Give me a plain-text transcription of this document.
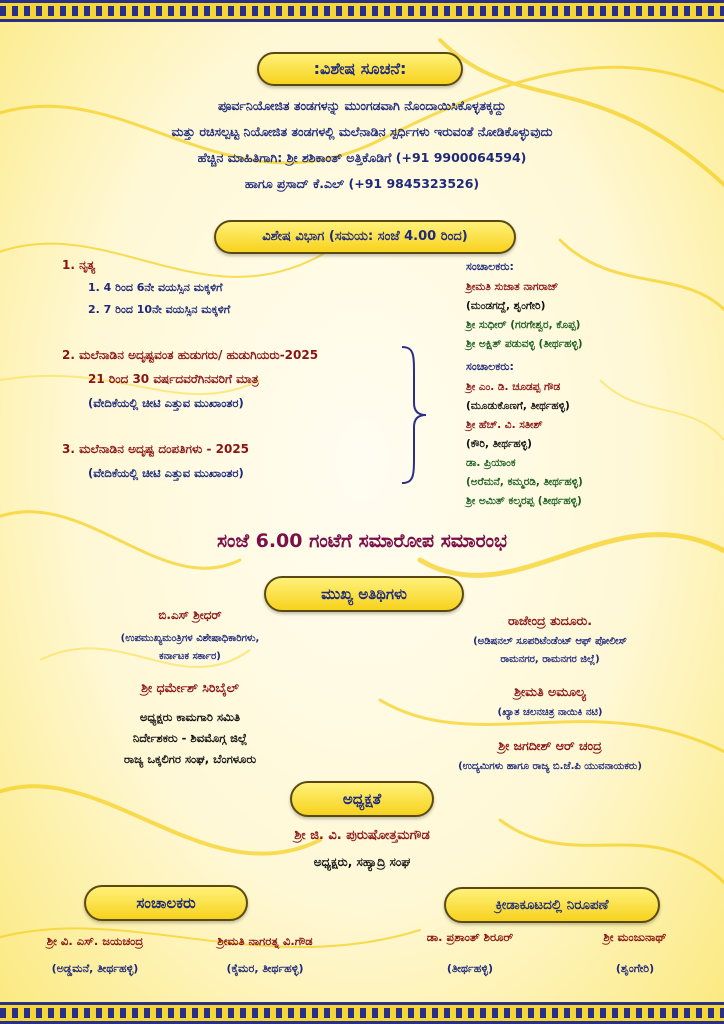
:ವಿಶೇಷ ಸೂಚನೆ:
ಪೂರ್ವನಿಯೋಜಿತ ತಂಡಗಳನ್ನು ಮುಂಗಡವಾಗಿ ನೊಂದಾಯಿಸಿಕೊಳ್ಳತಕ್ಕದ್ದು
ಮತ್ತು ರಚಿಸಲ್ಪಟ್ಟ ನಿಯೋಜಿತ ತಂಡಗಳಲ್ಲಿ ಮಲೆನಾಡಿನ ಸ್ಪರ್ಧಿಗಳು ಇರುವಂತೆ ನೋಡಿಕೊಳ್ಳುವುದು
ಹೆಚ್ಚಿನ ಮಾಹಿತಿಗಾಗಿ: ಶ್ರೀ ಶಶಿಕಾಂತ್ ಅತ್ತಿಕೊಡಿಗೆ (+91 9900064594)
ಹಾಗೂ ಪ್ರಸಾದ್ ಕೆ.ಎಲ್ (+91 9845323526)
ವಿಶೇಷ ವಿಭಾಗ (ಸಮಯ: ಸಂಜೆ 4.00 ರಿಂದ)
1. ನೃತ್ಯ
1. 4 ರಿಂದ 6ನೇ ವಯಸ್ಸಿನ ಮಕ್ಕಳಿಗೆ
2. 7 ರಿಂದ 10ನೇ ವಯಸ್ಸಿನ ಮಕ್ಕಳಿಗೆ
2. ಮಲೆನಾಡಿನ ಅದೃಷ್ಟವಂತ ಹುಡುಗರು/ ಹುಡುಗಿಯರು-2025
21 ರಿಂದ 30 ವರ್ಷದವರೆಗಿನವರಿಗೆ ಮಾತ್ರ
(ವೇದಿಕೆಯಲ್ಲಿ ಚೀಟಿ ಎತ್ತುವ ಮುಖಾಂತರ)
3. ಮಲೆನಾಡಿನ ಅದೃಷ್ಟ ದಂಪತಿಗಳು - 2025
(ವೇದಿಕೆಯಲ್ಲಿ ಚೀಟಿ ಎತ್ತುವ ಮುಖಾಂತರ)
ಸಂಚಾಲಕರು:
ಶ್ರೀಮತಿ ಸುಜಾತ ನಾಗರಾಜ್
(ಮಂಡಗದ್ದೆ, ಶೃಂಗೇರಿ)
ಶ್ರೀ ಸುಧೀರ್ (ಗರಗೇಶ್ವರ, ಕೊಪ್ಪ)
ಶ್ರೀ ಅಕ್ಷಿತ್ ಪಡುವಳ್ಳಿ (ತೀರ್ಥಹಳ್ಳಿ)
ಸಂಚಾಲಕರು:
ಶ್ರೀ ಎಂ. ಡಿ. ಚೂಡಪ್ಪ ಗೌಡ
(ಮೂಡುಕೊಣಗೆ, ತೀರ್ಥಹಳ್ಳಿ)
ಶ್ರೀ ಹೆಚ್. ವಿ. ಸತೀಶ್
(ಕೌರಿ, ತೀರ್ಥಹಳ್ಳಿ)
ಡಾ. ಪ್ರಿಯಾಂಕ
(ಅರೆಮನೆ, ಕಮ್ಮರಡಿ, ತೀರ್ಥಹಳ್ಳಿ)
ಶ್ರೀ ಅಮಿತ್ ಕಲ್ಕರಪ್ಪ (ತೀರ್ಥಹಳ್ಳಿ)
ಸಂಜೆ 6.00 ಗಂಟೆಗೆ ಸಮಾರೋಪ ಸಮಾರಂಭ
ಮುಖ್ಯ ಅತಿಥಿಗಳು
ಬಿ.ಎಸ್ ಶ್ರೀಧರ್
(ಉಪಮುಖ್ಯಮಂತ್ರಿಗಳ ವಿಶೇಷಾಧಿಕಾರಿಗಳು,
ಕರ್ನಾಟಕ ಸರ್ಕಾರ)
ಶ್ರೀ ಧರ್ಮೇಶ್ ಸಿರಿಬೈಲ್
ಅಧ್ಯಕ್ಷರು ಕಾಮಗಾರಿ ಸಮಿತಿ
ನಿರ್ದೇಶಕರು - ಶಿವಮೊಗ್ಗ ಜಿಲ್ಲೆ
ರಾಜ್ಯ ಒಕ್ಕಲಿಗರ ಸಂಘ, ಬೆಂಗಳೂರು
ರಾಜೇಂದ್ರ ತುದೂರು.
(ಅಡಿಷನಲ್ ಸೂಪರಿಟೆಂಡೆಂಟ್ ಆಫ್ ಪೋಲೀಸ್
ರಾಮನಗರ, ರಾಮನಗರ ಜಿಲ್ಲೆ)
ಶ್ರೀಮತಿ ಅಮೂಲ್ಯ
(ಖ್ಯಾತ ಚಲನಚಿತ್ರ ನಾಯಿಕಿ ನಟಿ)
ಶ್ರೀ ಜಗದೀಶ್ ಆರ್ ಚಂದ್ರ
(ಉದ್ಯಮಿಗಳು ಹಾಗೂ ರಾಜ್ಯ ಬಿ.ಜೆ.ಪಿ ಯುವನಾಯಕರು)
ಅಧ್ಯಕ್ಷತೆ
ಶ್ರೀ ಜಿ. ವಿ. ಪುರುಷೋತ್ತಮಗೌಡ
ಅಧ್ಯಕ್ಷರು, ಸಹ್ಯಾದ್ರಿ ಸಂಘ
ಸಂಚಾಲಕರು
ಶ್ರೀ ವಿ. ಎಸ್. ಜಯಚಂದ್ರ
(ಅಡ್ಡಮನೆ, ತೀರ್ಥಹಳ್ಳಿ)
ಶ್ರೀಮತಿ ನಾಗರತ್ನ ವಿ.ಗೌಡ
(ಕೈಮರ, ತೀರ್ಥಹಳ್ಳಿ)
ಕ್ರೀಡಾಕೂಟದಲ್ಲಿ ನಿರೂಪಣೆ
ಡಾ. ಪ್ರಶಾಂತ್ ಶಿರೂರ್
(ತೀರ್ಥಹಳ್ಳಿ)
ಶ್ರೀ ಮಂಜುನಾಥ್
(ಶೃಂಗೇರಿ)
